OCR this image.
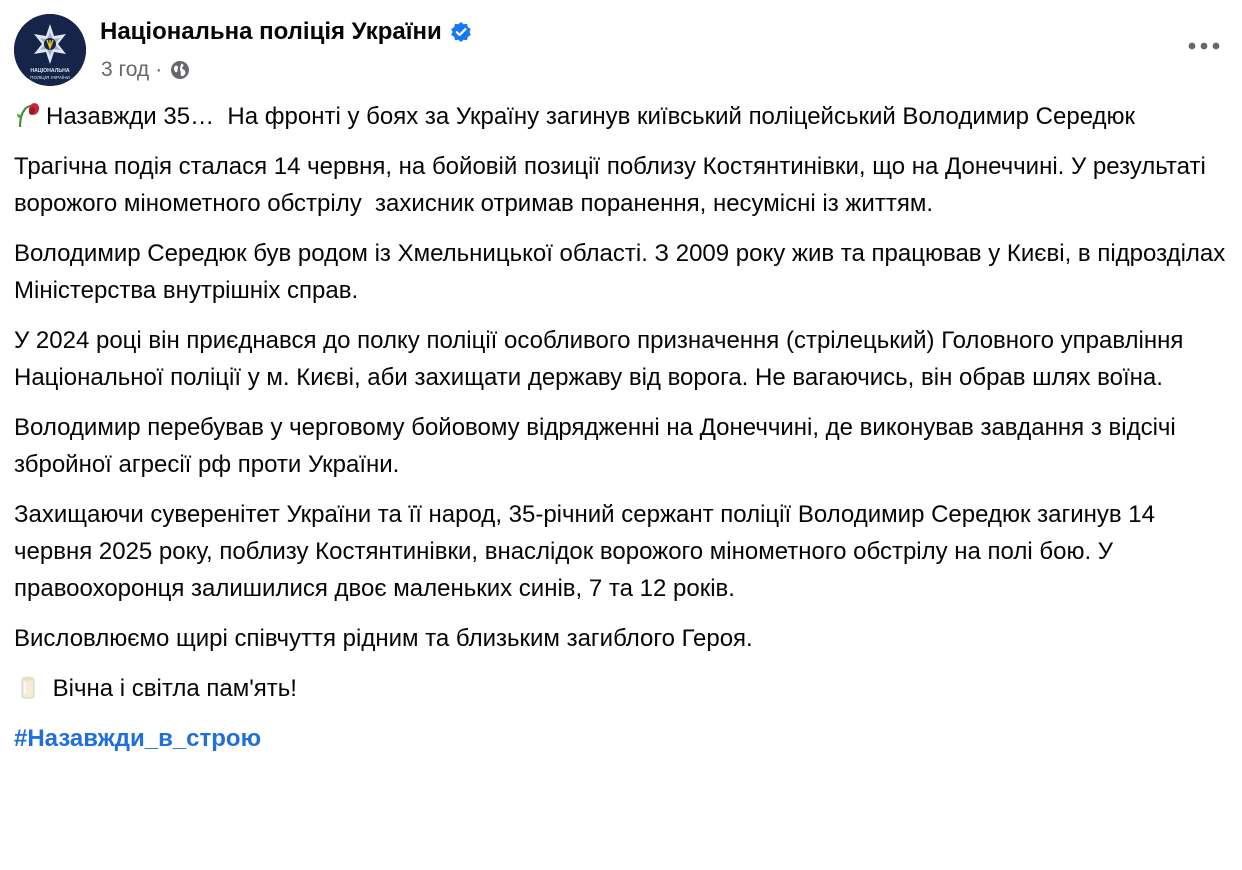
НАЦІОНАЛЬНА
ПОЛІЦІЯ УКРАЇНИ
Національна поліція України
3 год ·

Назавжди 35…  На фронті у боях за Україну загинув київський поліцейський Володимир Середюк

Трагічна подія сталася 14 червня, на бойовій позиції поблизу Костянтинівки, що на Донеччині. У результаті ворожого мінометного обстрілу  захисник отримав поранення, несумісні із життям.

Володимир Середюк був родом із Хмельницької області. З 2009 року жив та працював у Києві, в підрозділах Міністерства внутрішніх справ.

У 2024 році він приєднався до полку поліції особливого призначення (стрілецький) Головного управління Національної поліції у м. Києві, аби захищати державу від ворога. Не вагаючись, він обрав шлях воїна.

Володимир перебував у черговому бойовому відрядженні на Донеччині, де виконував завдання з відсічі збройної агресії рф проти України.

Захищаючи суверенітет України та її народ, 35-річний сержант поліції Володимир Середюк загинув 14 червня 2025 року, поблизу Костянтинівки, внаслідок ворожого мінометного обстрілу на полі бою. У правоохоронця залишилися двоє маленьких синів, 7 та 12 років.

Висловлюємо щирі співчуття рідним та близьким загиблого Героя.

Вічна і світла пам'ять!

#Назавжди_в_строю
